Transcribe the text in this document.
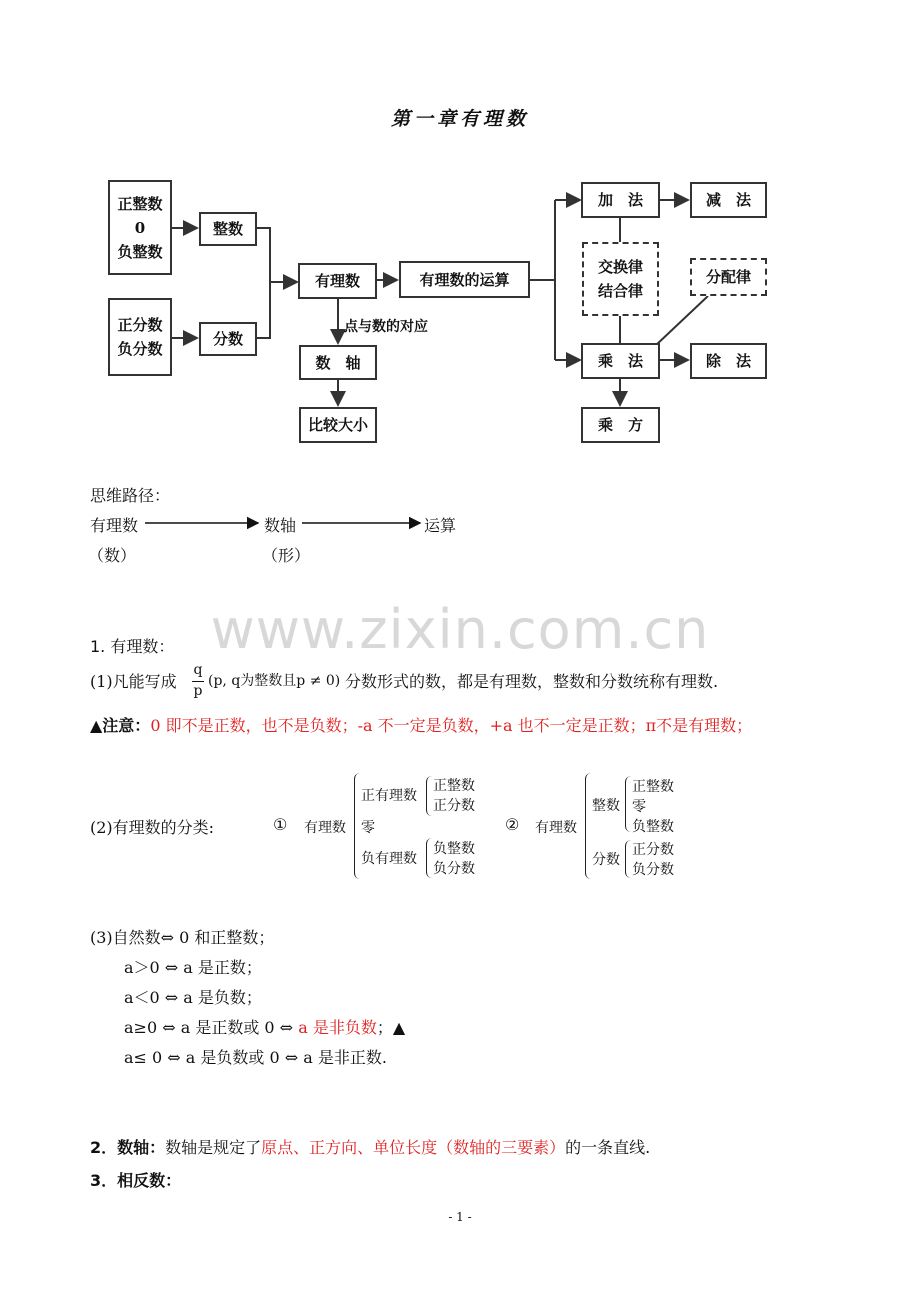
第一章有理数
正整数
0
负整数
整数
正分数
负分数
分数
有理数	有理数的运算
点与数的对应
数　轴
比较大小
加　法	减　法
交换律
结合律
分配律
乘　法	除　法
乘　方
思维路径：
有理数	数轴	运算
（数）	（形）
www.zixin.com.cn
1. 有理数：
(1)凡能写成
q
p
(p, q为整数且p ≠ 0) 分数形式的数，都是有理数，整数和分数统称有理数.
▲注意：0 即不是正数，也不是负数；-a 不一定是负数，+a 也不一定是正数；π不是有理数；
(2)有理数的分类:	① 有理数
正有理数
正整数
正分数
零
负有理数
负整数
负分数
② 有理数
整数
正整数
零
负整数
分数
正分数
负分数
(3)自然数⇔ 0 和正整数；
a＞0 ⇔ a 是正数；
a＜0 ⇔ a 是负数；
a≥0 ⇔ a 是正数或 0 ⇔ a 是非负数；▲
a≤ 0 ⇔ a 是负数或 0 ⇔ a 是非正数.
2．数轴：数轴是规定了原点、正方向、单位长度（数轴的三要素）的一条直线.
3．相反数：
- 1 -
